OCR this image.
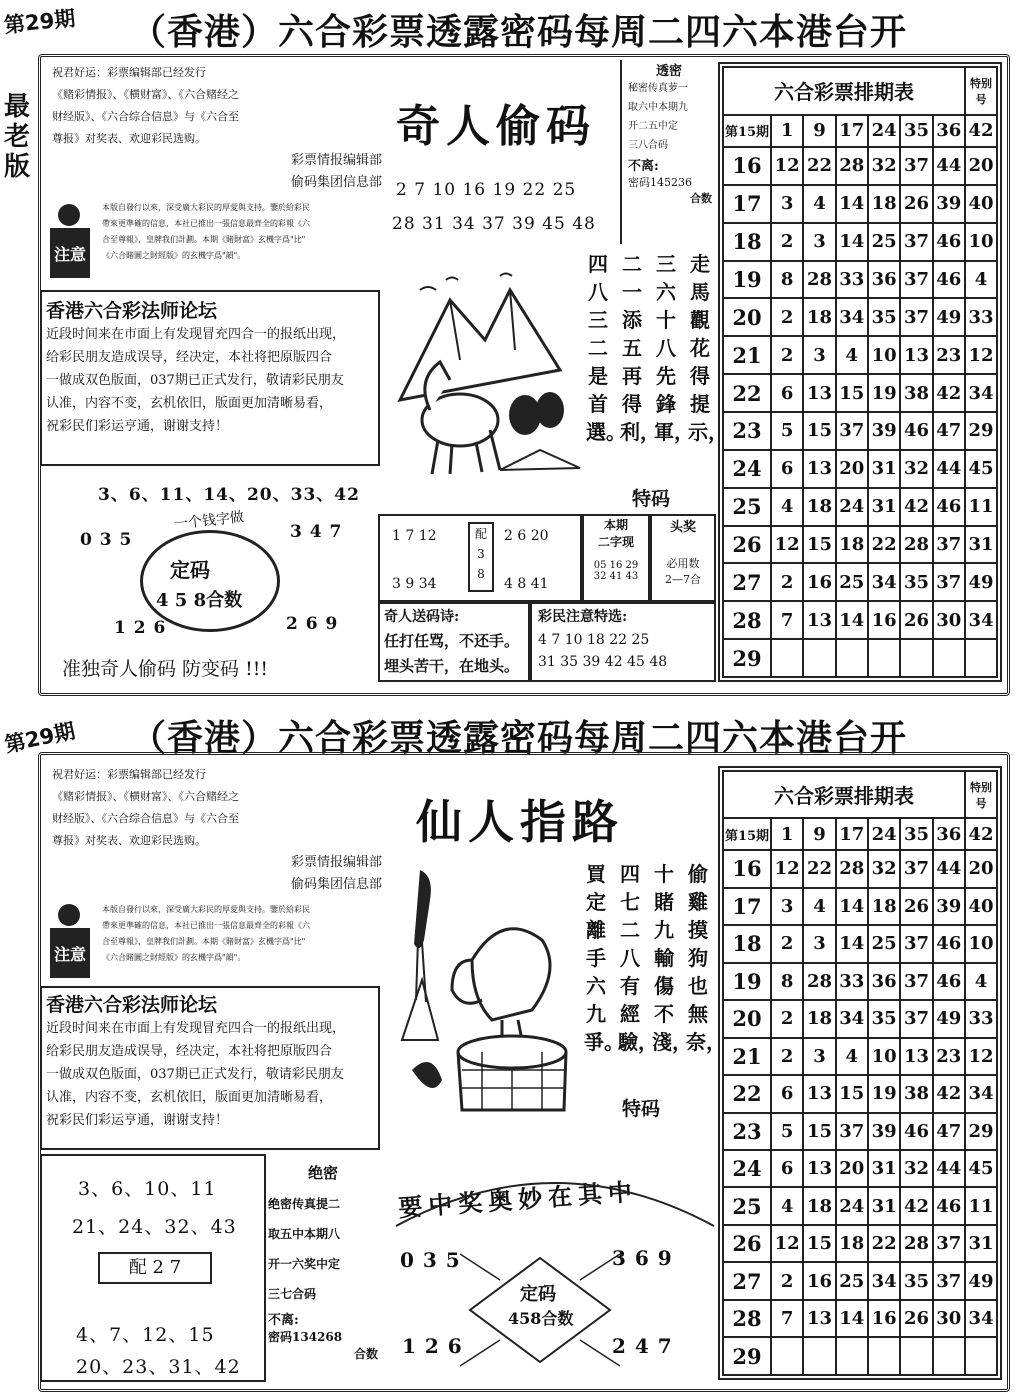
第29期 （香港）六合彩票透露密码每周二四六本港台开
最
老
版
祝君好运：彩票编辑部已经发行
《赌彩情报》、《横财富》、《六合赌经之
财经版》、《六合综合信息》与《六合至
尊报》对奖表、欢迎彩民选购。
彩票情报编辑部
偷码集团信息部
注意
本版自發行以來，深受廣大彩民的厚愛與支持。鑒於給彩民
帶來更準確的信息，本社已推出一張信息最齊全的彩報《六
合至尊報》，皇牌我们計劃。本期《賭財富》玄機字爲"比"
《六合賭圖之財經版》的玄機字爲"韻"。
香港六合彩法师论坛
近段时间来在市面上有发现冒充四合一的报纸出现，
给彩民朋友造成误导，经决定，本社将把原版四合
一做成双色版面，037期已正式发行，敬请彩民朋友
认准，内容不变，玄机依旧，版面更加清晰易看，
祝彩民们彩运亨通，谢谢支持！
3、6、11、14、20、33、42
一个钱字做
0 3 5	3 4 7
定码
4 5 8合数
1 2 6	2 6 9
准独奇人偷码 防变码 !!!
奇人偷码
2 7 10 16 19 22 25
28 31 34 37 39 45 48
透密
秘密传真萝一
取六中本期九
开二五中定
三八合码
不离:
密码145236
合数
走馬觀花得提示，
三六十八先鋒軍，
二一添五再得利，
四八三二是首選。
特码
1 7 12
3 9 34
配
3
8
2 6 20
4 8 41
本期
二字现
05 16 29
32 41 43
头奖
必用数
2—7合
奇人送码诗:
任打任骂，不还手。
埋头苦干，在地头。
彩民注意特选:
4 7 10 18 22 25
31 35 39 42 45 48
第29期 （香港）六合彩票透露密码每周二四六本港台开
祝君好运：彩票编辑部已经发行
《赌彩情报》、《横财富》、《六合赌经之
财经版》、《六合综合信息》与《六合至
尊报》对奖表、欢迎彩民选购。
彩票情报编辑部
偷码集团信息部
注意
本版自發行以來，深受廣大彩民的厚愛與支持。鑒於給彩民
帶來更準確的信息，本社已推出一張信息最齊全的彩報《六
合至尊報》，皇牌我们計劃。本期《賭財富》玄機字爲"比"
《六合賭圖之財經版》的玄機字爲"韻"。
香港六合彩法师论坛
近段时间来在市面上有发现冒充四合一的报纸出现，
给彩民朋友造成误导，经决定，本社将把原版四合
一做成双色版面，037期已正式发行，敬请彩民朋友
认准，内容不变，玄机依旧，版面更加清晰易看，
祝彩民们彩运亨通，谢谢支持！
3、6、10、11
21、24、32、43
配 2 7
4、7、12、15
20、23、31、42
绝密
绝密传真提二
取五中本期八
开一六奖中定
三七合码
不离:
密码134268
合数
仙人指路
偷雞摸狗也無奈，
十賭九輸傷不淺，
四七二八有經驗，
買定離手六九爭。
特码
要中奖奥妙在其中
0 3 5	3 6 9
定码
458合数
1 2 6	2 4 7
六合彩票排期表							特别号
第15期	1	9	17	24	35	36	42
16	12	22	28	32	37	44	20
17	3	4	14	18	26	39	40
18	2	3	14	25	37	46	10
19	8	28	33	36	37	46	4
20	2	18	34	35	37	49	33
21	2	3	4	10	13	23	12
22	6	13	15	19	38	42	34
23	5	15	37	39	46	47	29
24	6	13	20	31	32	44	45
25	4	18	24	31	42	46	11
26	12	15	18	22	28	37	31
27	2	16	25	34	35	37	49
28	7	13	14	16	26	30	34
29							
六合彩票排期表							特别号
第15期	1	9	17	24	35	36	42
16	12	22	28	32	37	44	20
17	3	4	14	18	26	39	40
18	2	3	14	25	37	46	10
19	8	28	33	36	37	46	4
20	2	18	34	35	37	49	33
21	2	3	4	10	13	23	12
22	6	13	15	19	38	42	34
23	5	15	37	39	46	47	29
24	6	13	20	31	32	44	45
25	4	18	24	31	42	46	11
26	12	15	18	22	28	37	31
27	2	16	25	34	35	37	49
28	7	13	14	16	26	30	34
29							
